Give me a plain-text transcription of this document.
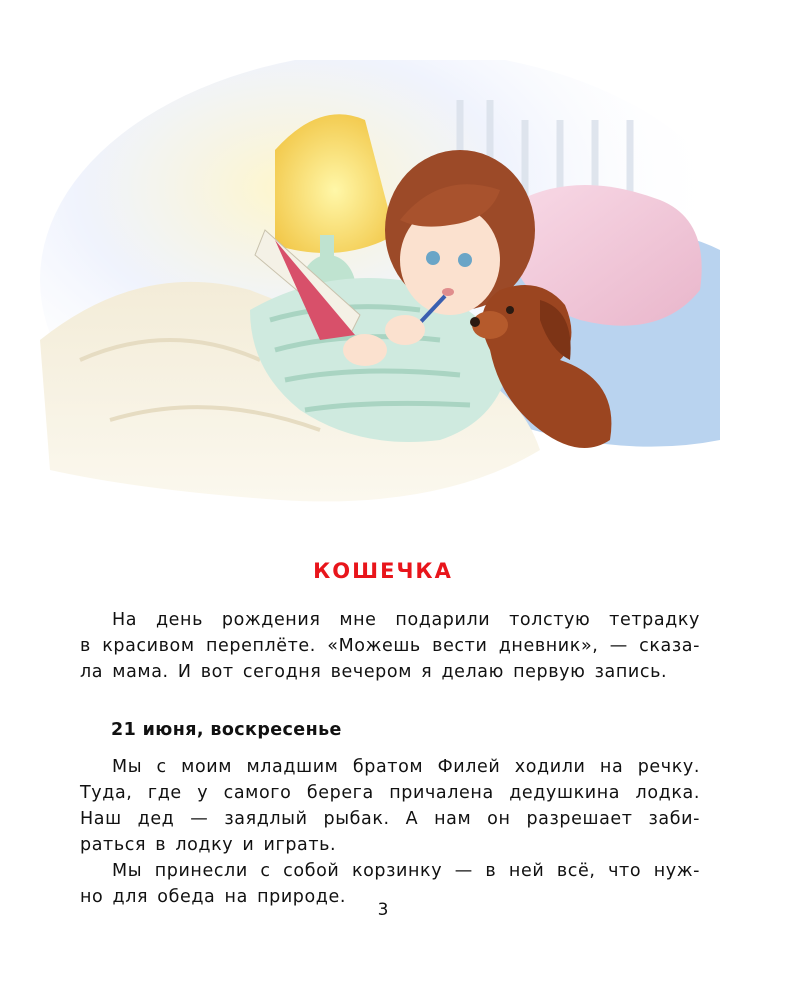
КОШЕЧКА

На день рождения мне подарили толстую тетрадку
в красивом переплёте. «Можешь вести дневник», — сказа-
ла мама. И вот сегодня вечером я делаю первую запись.

21 июня, воскресенье

Мы с моим младшим братом Филей ходили на речку.
Туда, где у самого берега причалена дедушкина лодка.
Наш дед — заядлый рыбак. А нам он разрешает заби-
раться в лодку и играть.

Мы принесли с собой корзинку — в ней всё, что нуж-
но для обеда на природе.

3
